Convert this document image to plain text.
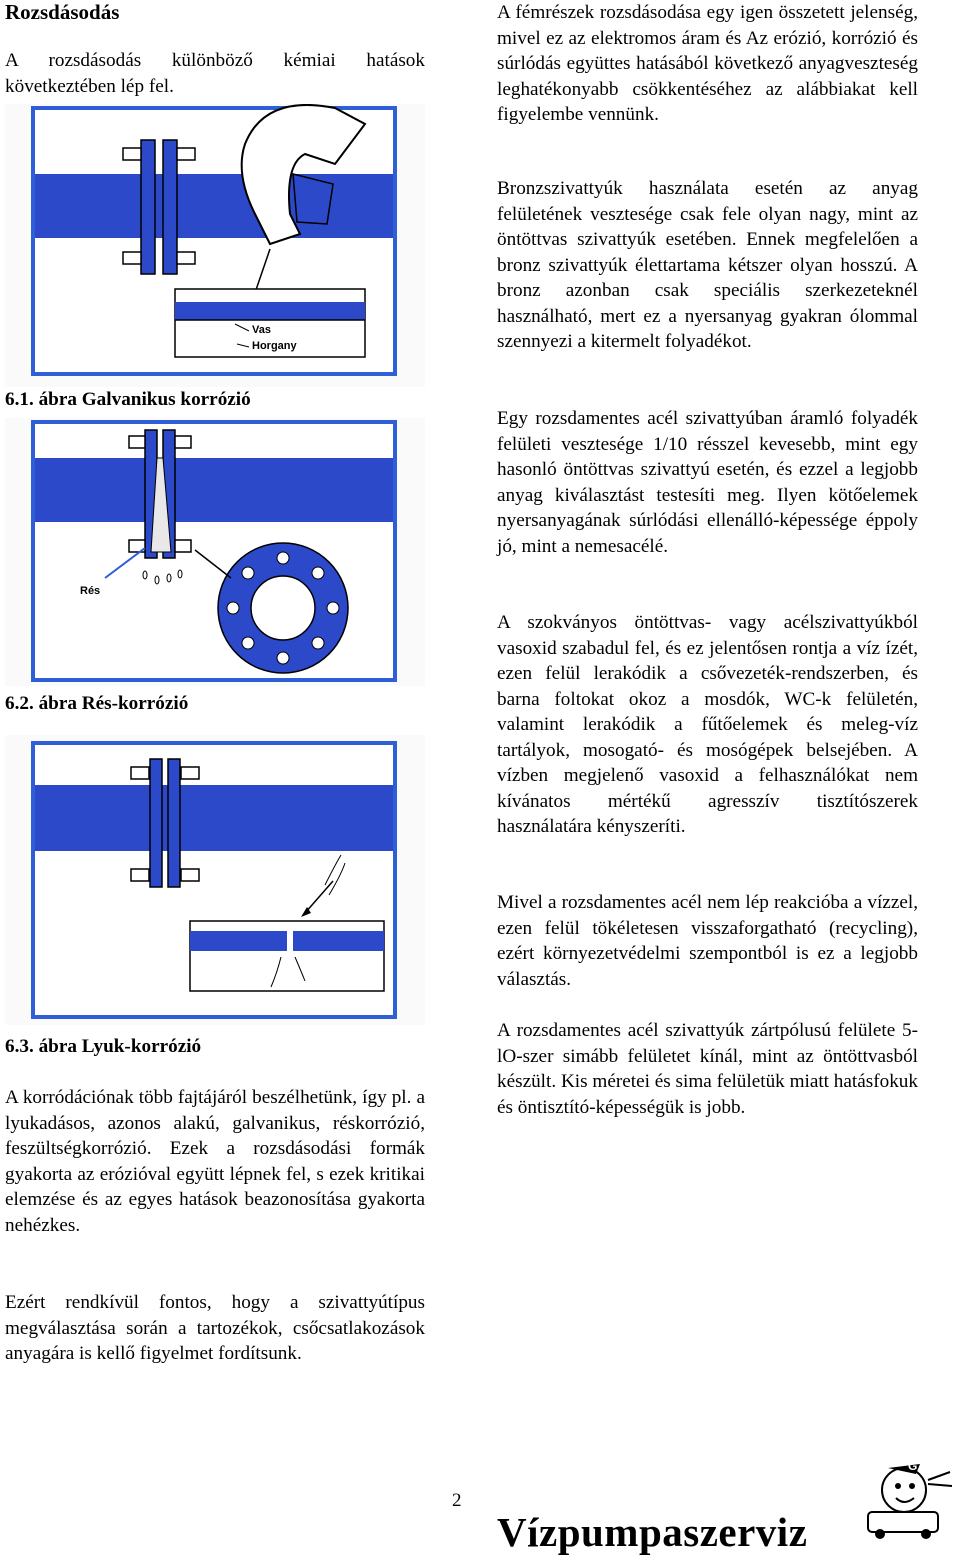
Rozsdásodás

A rozsdásodás különböző kémiai hatások következtében lép fel.

Vas
Horgany
6.1. ábra Galvanikus korrózió
Rés
6.2. ábra Rés-korrózió
6.3. ábra Lyuk-korrózió

A korródációnak több fajtájáról beszélhetünk, így pl. a lyukadásos, azonos alakú, galvanikus, réskorrózió, feszültségkorrózió. Ezek a rozsdásodási formák gyakorta az erózióval együtt lépnek fel, s ezek kritikai elemzése és az egyes hatások beazonosítása gyakorta nehézkes.

Ezért rendkívül fontos, hogy a szivattyútípus megválasztása során a tartozékok, csőcsatlakozások anyagára is kellő figyelmet fordítsunk.

A fémrészek rozsdásodása egy igen összetett jelenség, mivel ez az elektromos áram és Az erózió, korrózió és súrlódás együttes hatásából következő anyagveszteség leghatékonyabb csökkentéséhez az alábbiakat kell figyelembe vennünk.

Bronzszivattyúk használata esetén az anyag felületének vesztesége csak fele olyan nagy, mint az öntöttvas szivattyúk esetében. Ennek megfelelően a bronz szivattyúk élettartama kétszer olyan hosszú. A bronz azonban csak speciális szerkezeteknél használható, mert ez a nyersanyag gyakran ólommal szennyezi a kitermelt folyadékot.

Egy rozsdamentes acél szivattyúban áramló folyadék felületi vesztesége 1/10 résszel kevesebb, mint egy hasonló öntöttvas szivattyú esetén, és ezzel a legjobb anyag kiválasztást testesíti meg. Ilyen kötőelemek nyersanyagának súrlódási ellenálló-képessége éppoly jó, mint a nemesacélé.

A szokványos öntöttvas- vagy acélszivattyúkból vasoxid szabadul fel, és ez jelentősen rontja a víz ízét, ezen felül lerakódik a csővezeték-rendszerben, és barna foltokat okoz a mosdók, WC-k felületén, valamint lerakódik a fűtőelemek és meleg-víz tartályok, mosogató- és mosógépek belsejében. A vízben megjelenő vasoxid a felhasználókat nem kívánatos mértékű agresszív tisztítószerek használatára kényszeríti.

Mivel a rozsdamentes acél nem lép reakcióba a vízzel, ezen felül tökéletesen visszaforgatható (recycling), ezért környezetvédelmi szempontból is ez a legjobb választás.

A rozsdamentes acél szivattyúk zártpólusú felülete 5-lO-szer simább felületet kínál, mint az öntöttvasból készült. Kis méretei és sima felületük miatt hatásfokuk és öntisztító-képességük is jobb.

2
Vízpumpaszerviz
G
